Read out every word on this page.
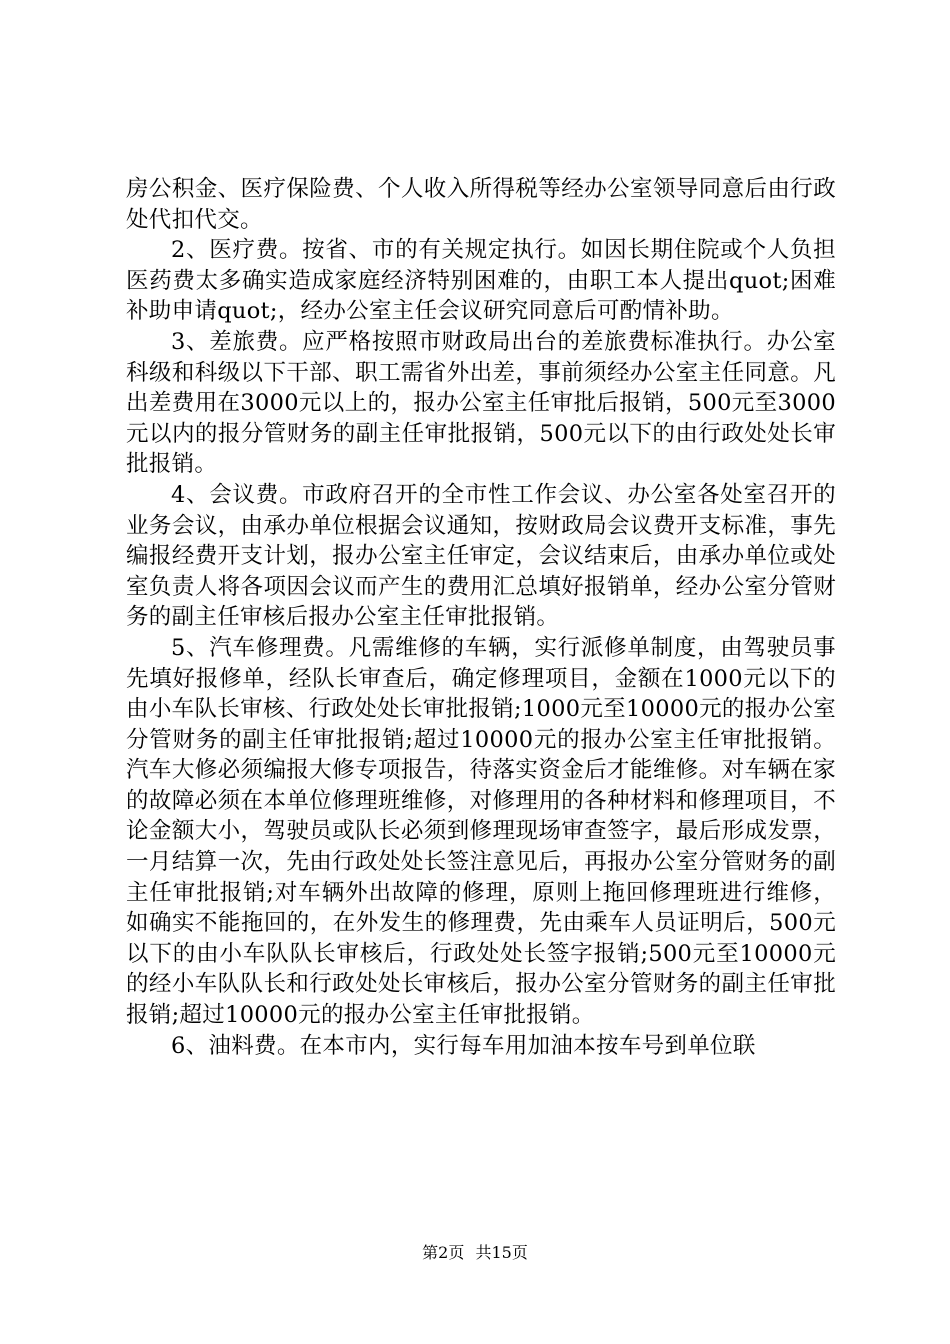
房公积金、医疗保险费、个人收入所得税等经办公室领导同意后由行政处代扣代交。

2、医疗费。按省、市的有关规定执行。如因长期住院或个人负担医药费太多确实造成家庭经济特别困难的，由职工本人提出quot;困难补助申请quot;，经办公室主任会议研究同意后可酌情补助。

3、差旅费。应严格按照市财政局出台的差旅费标准执行。办公室科级和科级以下干部、职工需省外出差，事前须经办公室主任同意。凡出差费用在3000元以上的，报办公室主任审批后报销，500元至3000元以内的报分管财务的副主任审批报销，500元以下的由行政处处长审批报销。

4、会议费。市政府召开的全市性工作会议、办公室各处室召开的业务会议，由承办单位根据会议通知，按财政局会议费开支标准，事先编报经费开支计划，报办公室主任审定，会议结束后，由承办单位或处室负责人将各项因会议而产生的费用汇总填好报销单，经办公室分管财务的副主任审核后报办公室主任审批报销。

5、汽车修理费。凡需维修的车辆，实行派修单制度，由驾驶员事先填好报修单，经队长审查后，确定修理项目，金额在1000元以下的由小车队长审核、行政处处长审批报销;1000元至10000元的报办公室分管财务的副主任审批报销;超过10000元的报办公室主任审批报销。汽车大修必须编报大修专项报告，待落实资金后才能维修。对车辆在家的故障必须在本单位修理班维修，对修理用的各种材料和修理项目，不论金额大小，驾驶员或队长必须到修理现场审查签字，最后形成发票，一月结算一次，先由行政处处长签注意见后，再报办公室分管财务的副主任审批报销;对车辆外出故障的修理，原则上拖回修理班进行维修，如确实不能拖回的，在外发生的修理费，先由乘车人员证明后，500元以下的由小车队队长审核后，行政处处长签字报销;500元至10000元的经小车队队长和行政处处长审核后，报办公室分管财务的副主任审批报销;超过10000元的报办公室主任审批报销。

6、油料费。在本市内，实行每车用加油本按车号到单位联

第2页 共15页
